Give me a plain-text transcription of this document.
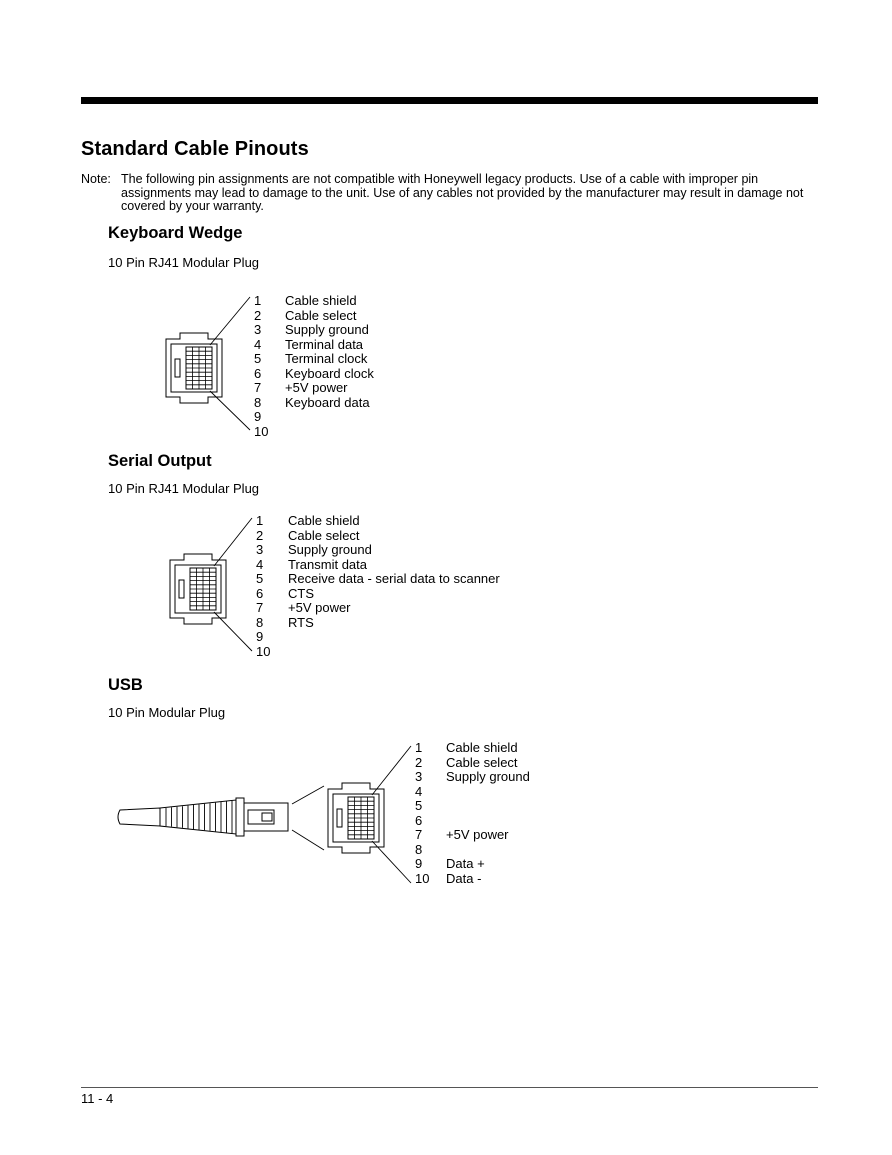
Standard Cable Pinouts
Note: The following pin assignments are not compatible with Honeywell legacy products. Use of a cable with improper pin assignments may lead to damage to the unit. Use of any cables not provided by the manufacturer may result in damage not covered by your warranty.
Keyboard Wedge
10 Pin RJ41 Modular Plug
1	Cable shield
2	Cable select
3	Supply ground
4	Terminal data
5	Terminal clock
6	Keyboard clock
7	+5V power
8	Keyboard data
9
10
Serial Output
10 Pin RJ41 Modular Plug
1	Cable shield
2	Cable select
3	Supply ground
4	Transmit data
5	Receive data - serial data to scanner
6	CTS
7	+5V power
8	RTS
9
10
USB
10 Pin Modular Plug
1	Cable shield
2	Cable select
3	Supply ground
4
5
6
7	+5V power
8
9	Data +
10	Data -
11 - 4
